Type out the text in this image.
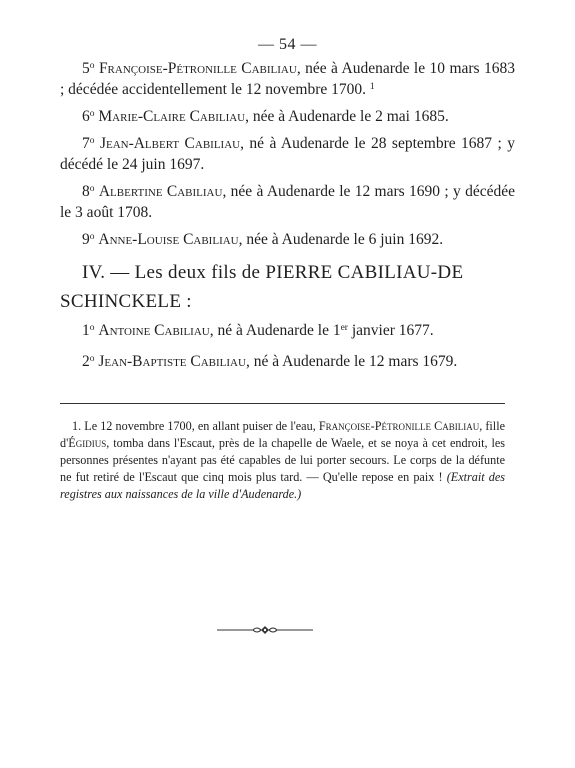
— 54 —

5$^o$ Françoise-Pétronille Cabiliau, née à Audenarde le 10 mars 1683 ; décédée accidentellement le 12 novembre 1700. $^1$

6$^o$ Marie-Claire Cabiliau, née à Audenarde le 2 mai 1685.

7$^o$ Jean-Albert Cabiliau, né à Audenarde le 28 septembre 1687 ; y décédé le 24 juin 1697.

8$^o$ Albertine Cabiliau, née à Audenarde le 12 mars 1690 ; y décédée le 3 août 1708.

9$^o$ Anne-Louise Cabiliau, née à Audenarde le 6 juin 1692.

IV. — Les deux fils de PIERRE CABILIAU-DE SCHINCKELE :

1$^o$ Antoine Cabiliau, né à Audenarde le 1er janvier 1677.

2$^o$ Jean-Baptiste Cabiliau, né à Audenarde le 12 mars 1679.

1. Le 12 novembre 1700, en allant puiser de l'eau, Françoise-Pétronille Cabiliau, fille d'Égidius, tomba dans l'Escaut, près de la chapelle de Waele, et se noya à cet endroit, les personnes présentes n'ayant pas été capables de lui porter secours. Le corps de la défunte ne fut retiré de l'Escaut que cinq mois plus tard. — Qu'elle repose en paix ! (Extrait des registres aux naissances de la ville d'Audenarde.)
